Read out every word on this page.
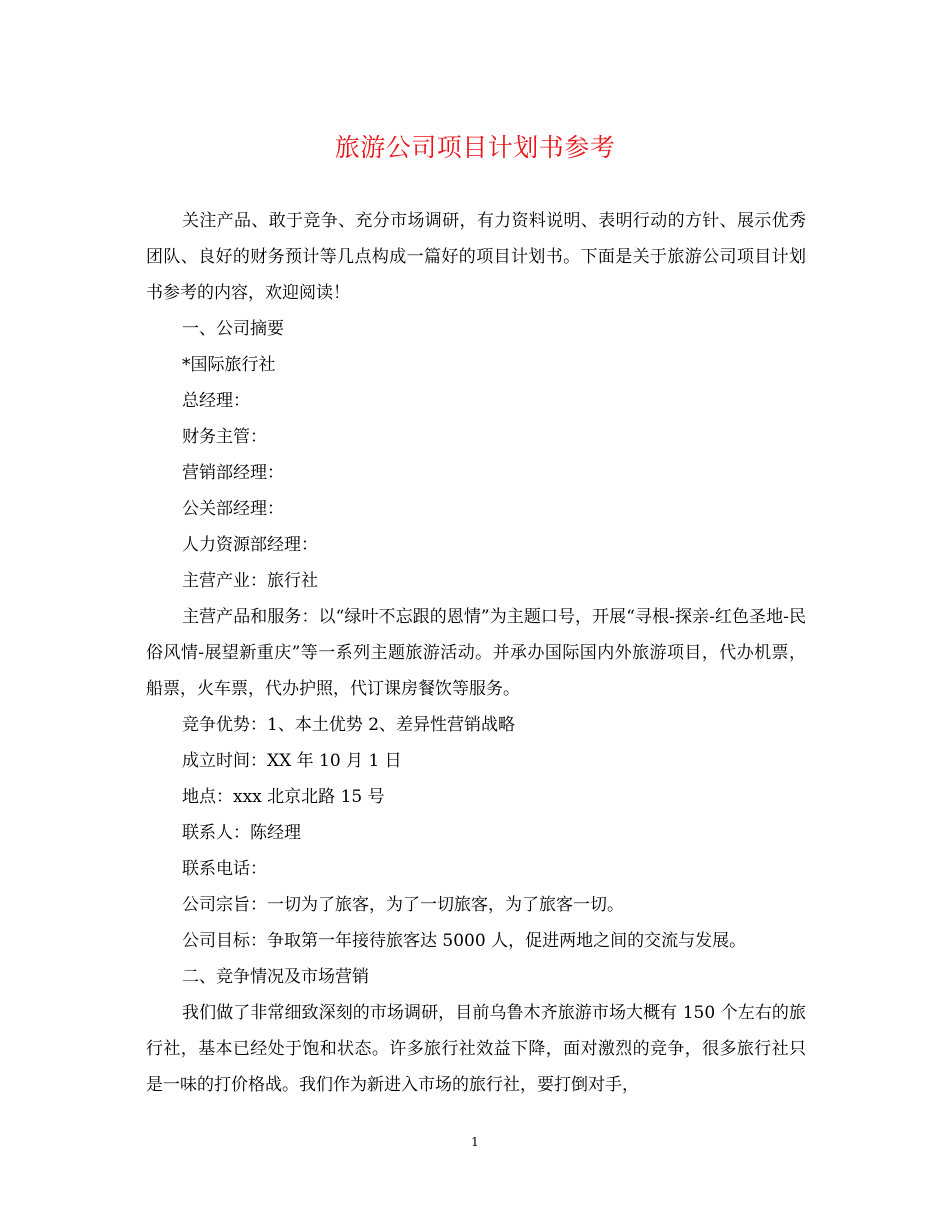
旅游公司项目计划书参考

关注产品、敢于竞争、充分市场调研，有力资料说明、表明行动的方针、展示优秀团队、良好的财务预计等几点构成一篇好的项目计划书。下面是关于旅游公司项目计划书参考的内容，欢迎阅读！

一、公司摘要

*国际旅行社

总经理：

财务主管：

营销部经理：

公关部经理：

人力资源部经理：

主营产业：旅行社

主营产品和服务：以“绿叶不忘跟的恩情”为主题口号，开展“寻根-探亲-红色圣地-民俗风情-展望新重庆”等一系列主题旅游活动。并承办国际国内外旅游项目，代办机票，船票，火车票，代办护照，代订课房餐饮等服务。

竞争优势：1、本土优势 2、差异性营销战略

成立时间：XX 年 10 月 1 日

地点：xxx 北京北路 15 号

联系人：陈经理

联系电话：

公司宗旨：一切为了旅客，为了一切旅客，为了旅客一切。

公司目标：争取第一年接待旅客达 5000 人，促进两地之间的交流与发展。

二、竞争情况及市场营销

我们做了非常细致深刻的市场调研，目前乌鲁木齐旅游市场大概有 150 个左右的旅行社，基本已经处于饱和状态。许多旅行社效益下降，面对激烈的竞争，很多旅行社只是一味的打价格战。我们作为新进入市场的旅行社，要打倒对手，

1
